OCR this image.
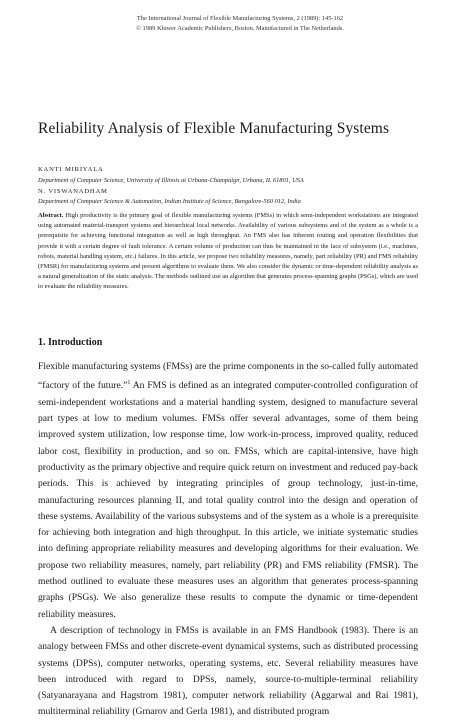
The International Journal of Flexible Manufacturing Systems, 2 (1989): 145-162
© 1989 Kluwer Academic Publishers, Boston. Manufactured in The Netherlands.
Reliability Analysis of Flexible Manufacturing Systems
KANTI MIRIYALA
Department of Computer Science, University of Illinois at Urbana-Champaign, Urbana, IL 61801, USA
N. VISWANADHAM
Department of Computer Science & Automation, Indian Institute of Science, Bangalore-560 012, India

Abstract. High productivity is the primary goal of flexible manufacturing systems (FMSs) in which semi-independent workstations are integrated using automated material-transport systems and hierarchical local networks. Availability of various subsystems and of the system as a whole is a prerequisite for achieving functional integration as well as high throughput. An FMS also has inherent routing and operation flexibilities that provide it with a certain degree of fault tolerance. A certain volume of production can thus be maintained in the face of subsystem (i.e., machines, robots, material handling system, etc.) failures. In this article, we propose two reliability measures, namely, part reliability (PR) and FMS reliability (FMSR) for manufacturing systems and present algorithms to evaluate them. We also consider the dynamic or time-dependent reliability analysis as a natural generalization of the static analysis. The methods outlined use an algorithm that generates process-spanning graphs (PSGs), which are used to evaluate the reliability measures.

1. Introduction

Flexible manufacturing systems (FMSs) are the prime components in the so-called fully automated “factory of the future.”$^1$ An FMS is defined as an integrated computer-controlled configuration of semi-independent workstations and a material handling system, designed to manufacture several part types at low to medium volumes. FMSs offer several advantages, some of them being improved system utilization, low response time, low work-in-process, improved quality, reduced labor cost, flexibility in production, and so on. FMSs, which are capital-intensive, have high productivity as the primary objective and require quick return on investment and reduced pay-back periods. This is achieved by integrating principles of group technology, just-in-time, manufacturing resources planning II, and total quality control into the design and operation of these systems. Availability of the various subsystems and of the system as a whole is a prerequisite for achieving both integration and high throughput. In this article, we initiate systematic studies into defining appropriate reliability measures and developing algorithms for their evaluation. We propose two reliability measures, namely, part reliability (PR) and FMS reliability (FMSR). The method outlined to evaluate these measures uses an algorithm that generates process-spanning graphs (PSGs). We also generalize these results to compute the dynamic or time-dependent reliability measures.

A description of technology in FMSs is available in an FMS Handbook (1983). There is an analogy between FMSs and other discrete-event dynamical systems, such as distributed processing systems (DPSs), computer networks, operating systems, etc. Several reliability measures have been introduced with regard to DPSs, namely, source-to-multiple-terminal reliability (Satyanarayana and Hagstrom 1981), computer network reliability (Aggarwal and Rai 1981), multiterminal reliability (Grnarov and Gerla 1981), and distributed program
